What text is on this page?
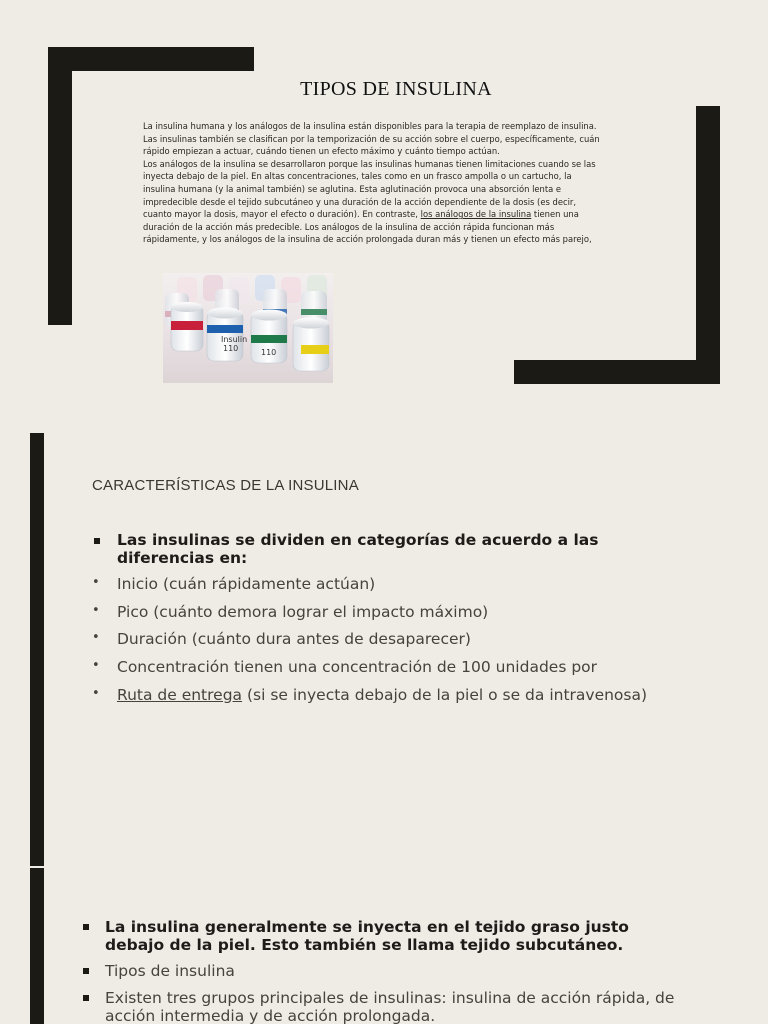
TIPOS DE INSULINA
La insulina humana y los análogos de la insulina están disponibles para la terapia de reemplazo de insulina.
Las insulinas también se clasifican por la temporización de su acción sobre el cuerpo, específicamente, cuán
rápido empiezan a actuar, cuándo tienen un efecto máximo y cuánto tiempo actúan.
Los análogos de la insulina se desarrollaron porque las insulinas humanas tienen limitaciones cuando se las
inyecta debajo de la piel. En altas concentraciones, tales como en un frasco ampolla o un cartucho, la
insulina humana (y la animal también) se aglutina. Esta aglutinación provoca una absorción lenta e
impredecible desde el tejido subcutáneo y una duración de la acción dependiente de la dosis (es decir,
cuanto mayor la dosis, mayor el efecto o duración). En contraste, los análogos de la insulina tienen una
duración de la acción más predecible. Los análogos de la insulina de acción rápida funcionan más
rápidamente, y los análogos de la insulina de acción prolongada duran más y tienen un efecto más parejo,
Insulin
110	110
CARACTERÍSTICAS DE LA INSULINA
Las insulinas se dividen en categorías de acuerdo a las diferencias en:
• Inicio (cuán rápidamente actúan)
• Pico (cuánto demora lograr el impacto máximo)
• Duración (cuánto dura antes de desaparecer)
• Concentración tienen una concentración de 100 unidades por
• Ruta de entrega (si se inyecta debajo de la piel o se da intravenosa)
La insulina generalmente se inyecta en el tejido graso justo debajo de la piel. Esto también se llama tejido subcutáneo.
Tipos de insulina
Existen tres grupos principales de insulinas: insulina de acción rápida, de acción intermedia y de acción prolongada.
